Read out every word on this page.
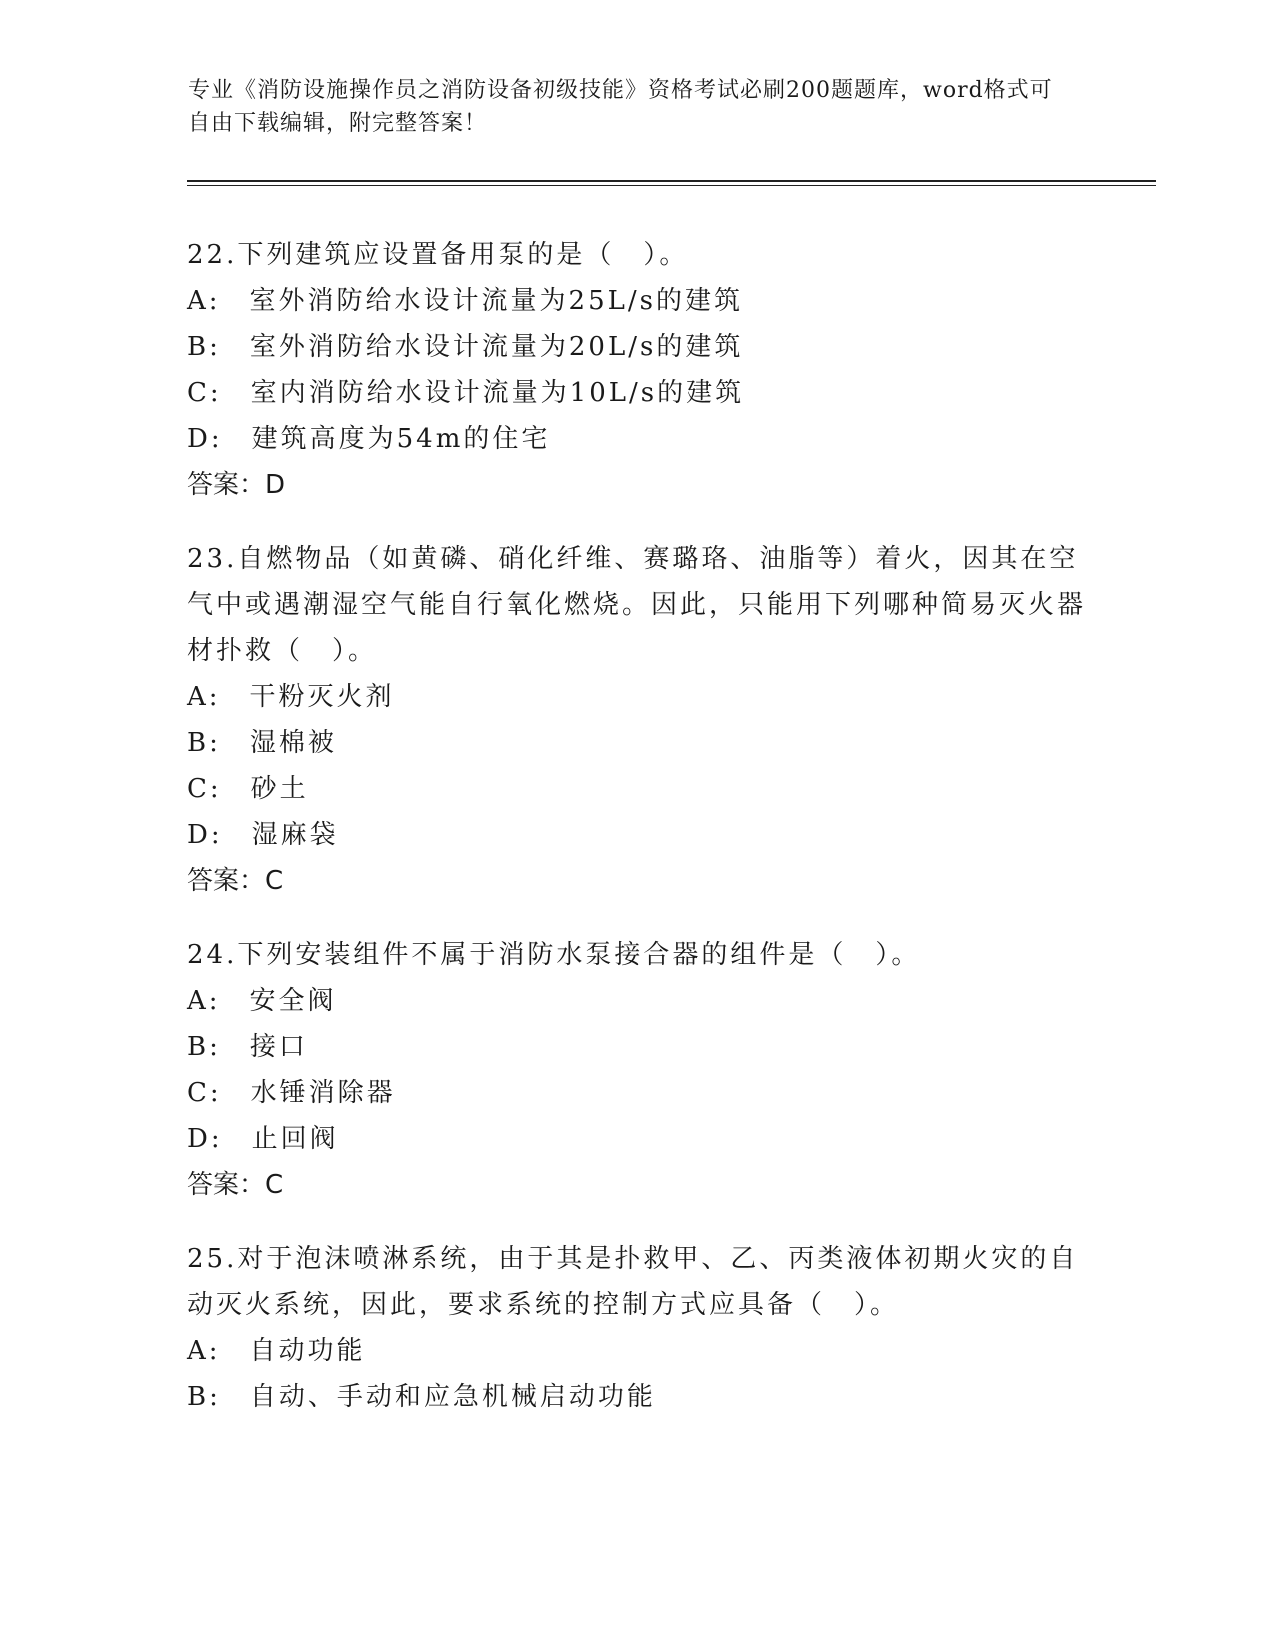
专业《消防设施操作员之消防设备初级技能》资格考试必刷200题题库，word格式可自由下载编辑，附完整答案！

22.下列建筑应设置备用泵的是（　）。

A:　室外消防给水设计流量为25L/s的建筑

B:　室外消防给水设计流量为20L/s的建筑

C:　室内消防给水设计流量为10L/s的建筑

D:　建筑高度为54m的住宅

答案：D

23.自燃物品（如黄磷、硝化纤维、赛璐珞、油脂等）着火，因其在空气中或遇潮湿空气能自行氧化燃烧。因此，只能用下列哪种简易灭火器材扑救（　）。

A:　干粉灭火剂

B:　湿棉被

C:　砂土

D:　湿麻袋

答案：C

24.下列安装组件不属于消防水泵接合器的组件是（　）。

A:　安全阀

B:　接口

C:　水锤消除器

D:　止回阀

答案：C

25.对于泡沫喷淋系统，由于其是扑救甲、乙、丙类液体初期火灾的自动灭火系统，因此，要求系统的控制方式应具备（　）。

A:　自动功能

B:　自动、手动和应急机械启动功能
